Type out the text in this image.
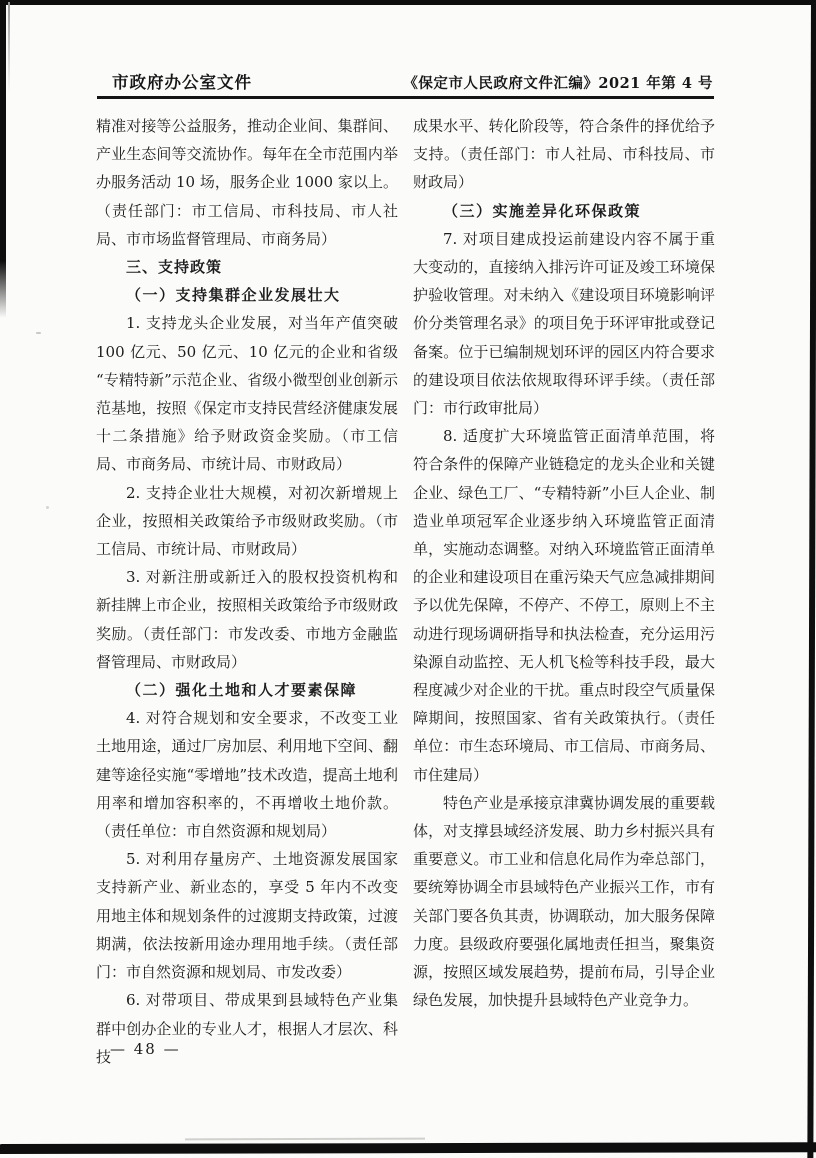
市政府办公室文件	《保定市人民政府文件汇编》2021 年第 4 号

精准对接等公益服务，推动企业间、集群间、产业生态间等交流协作。每年在全市范围内举办服务活动 10 场，服务企业 1000 家以上。（责任部门：市工信局、市科技局、市人社局、市市场监督管理局、市商务局）

三、支持政策

（一）支持集群企业发展壮大

1. 支持龙头企业发展，对当年产值突破 100 亿元、50 亿元、10 亿元的企业和省级“专精特新”示范企业、省级小微型创业创新示范基地，按照《保定市支持民营经济健康发展十二条措施》给予财政资金奖励。（市工信局、市商务局、市统计局、市财政局）

2. 支持企业壮大规模，对初次新增规上企业，按照相关政策给予市级财政奖励。（市工信局、市统计局、市财政局）

3. 对新注册或新迁入的股权投资机构和新挂牌上市企业，按照相关政策给予市级财政奖励。（责任部门：市发改委、市地方金融监督管理局、市财政局）

（二）强化土地和人才要素保障

4. 对符合规划和安全要求，不改变工业土地用途，通过厂房加层、利用地下空间、翻建等途径实施“零增地”技术改造，提高土地利用率和增加容积率的，不再增收土地价款。（责任单位：市自然资源和规划局）

5. 对利用存量房产、土地资源发展国家支持新产业、新业态的，享受 5 年内不改变用地主体和规划条件的过渡期支持政策，过渡期满，依法按新用途办理用地手续。（责任部门：市自然资源和规划局、市发改委）

6. 对带项目、带成果到县域特色产业集群中创办企业的专业人才，根据人才层次、科技

成果水平、转化阶段等，符合条件的择优给予支持。（责任部门：市人社局、市科技局、市财政局）

（三）实施差异化环保政策

7. 对项目建成投运前建设内容不属于重大变动的，直接纳入排污许可证及竣工环境保护验收管理。对未纳入《建设项目环境影响评价分类管理名录》的项目免于环评审批或登记备案。位于已编制规划环评的园区内符合要求的建设项目依法依规取得环评手续。（责任部门：市行政审批局）

8. 适度扩大环境监管正面清单范围，将符合条件的保障产业链稳定的龙头企业和关键企业、绿色工厂、“专精特新”小巨人企业、制造业单项冠军企业逐步纳入环境监管正面清单，实施动态调整。对纳入环境监管正面清单的企业和建设项目在重污染天气应急减排期间予以优先保障，不停产、不停工，原则上不主动进行现场调研指导和执法检查，充分运用污染源自动监控、无人机飞检等科技手段，最大程度减少对企业的干扰。重点时段空气质量保障期间，按照国家、省有关政策执行。（责任单位：市生态环境局、市工信局、市商务局、市住建局）

特色产业是承接京津冀协调发展的重要载体，对支撑县域经济发展、助力乡村振兴具有重要意义。市工业和信息化局作为牵总部门，要统筹协调全市县域特色产业振兴工作，市有关部门要各负其责，协调联动，加大服务保障力度。县级政府要强化属地责任担当，聚集资源，按照区域发展趋势，提前布局，引导企业绿色发展，加快提升县域特色产业竞争力。

— 48 —
